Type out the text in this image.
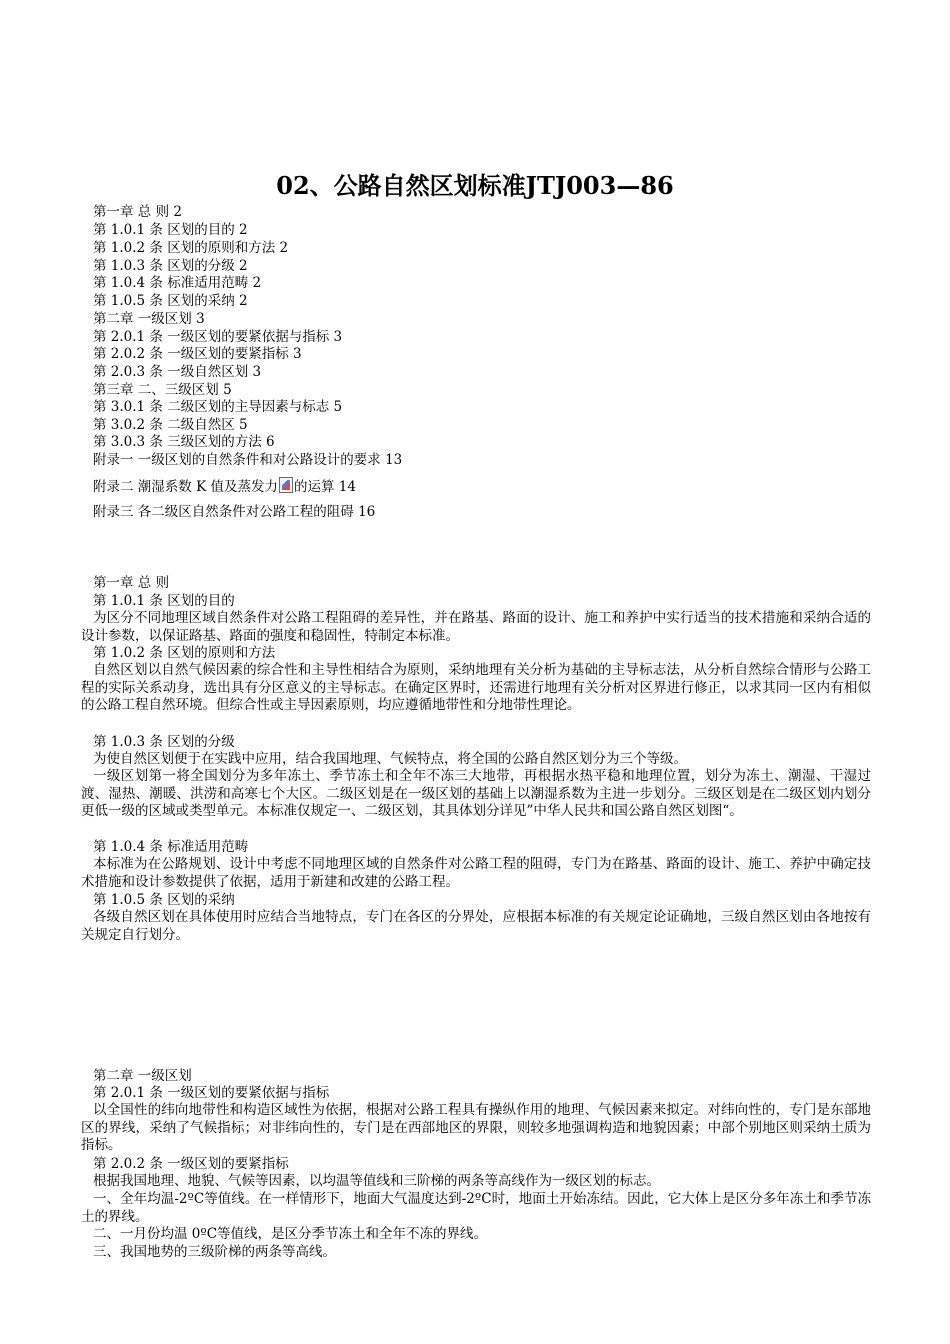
02、公路自然区划标准JTJ003—86
第一章 总 则 2
第 1.0.1 条 区划的目的 2
第 1.0.2 条 区划的原则和方法 2
第 1.0.3 条 区划的分级 2
第 1.0.4 条 标准适用范畴 2
第 1.0.5 条 区划的采纳 2
第二章 一级区划 3
第 2.0.1 条 一级区划的要紧依据与指标 3
第 2.0.2 条 一级区划的要紧指标 3
第 2.0.3 条 一级自然区划 3
第三章 二、三级区划 5
第 3.0.1 条 二级区划的主导因素与标志 5
第 3.0.2 条 二级自然区 5
第 3.0.3 条 三级区划的方法 6
附录一 一级区划的自然条件和对公路设计的要求 13
附录二 潮湿系数 K 值及蒸发力 的运算 14
附录三 各二级区自然条件对公路工程的阻碍 16
第一章 总 则
第 1.0.1 条 区划的目的
为区分不同地理区域自然条件对公路工程阻碍的差异性，并在路基、路面的设计、施工和养护中实行适当的技术措施和采纳合适的设计参数，以保证路基、路面的强度和稳固性，特制定本标准。
第 1.0.2 条 区划的原则和方法
自然区划以自然气候因素的综合性和主导性相结合为原则，采纳地理有关分析为基础的主导标志法，从分析自然综合情形与公路工程的实际关系动身，选出具有分区意义的主导标志。在确定区界时，还需进行地理有关分析对区界进行修正，以求其同一区内有相似的公路工程自然环境。但综合性或主导因素原则，均应遵循地带性和分地带性理论。
第 1.0.3 条 区划的分级
为使自然区划便于在实践中应用，结合我国地理、气候特点，将全国的公路自然区划分为三个等级。
一级区划第一将全国划分为多年冻土、季节冻土和全年不冻三大地带，再根据水热平稳和地理位置，划分为冻土、潮湿、干湿过渡、湿热、潮暖、洪涝和高寒七个大区。二级区划是在一级区划的基础上以潮湿系数为主进一步划分。三级区划是在二级区划内划分更低一级的区域或类型单元。本标准仅规定一、二级区划，其具体划分详见”中华人民共和国公路自然区划图“。
第 1.0.4 条 标准适用范畴
本标准为在公路规划、设计中考虑不同地理区域的自然条件对公路工程的阻碍，专门为在路基、路面的设计、施工、养护中确定技术措施和设计参数提供了依据，适用于新建和改建的公路工程。
第 1.0.5 条 区划的采纳
各级自然区划在具体使用时应结合当地特点，专门在各区的分界处，应根据本标准的有关规定论证确地，三级自然区划由各地按有关规定自行划分。
第二章 一级区划
第 2.0.1 条 一级区划的要紧依据与指标
以全国性的纬向地带性和构造区域性为依据，根据对公路工程具有操纵作用的地理、气候因素来拟定。对纬向性的，专门是东部地区的界线，采纳了气候指标；对非纬向性的，专门是在西部地区的界限，则较多地强调构造和地貌因素；中部个别地区则采纳土质为指标。
第 2.0.2 条 一级区划的要紧指标
根据我国地理、地貌、气候等因素，以均温等值线和三阶梯的两条等高线作为一级区划的标志。
一、全年均温-2ºC等值线。在一样情形下，地面大气温度达到-2ºC时，地面土开始冻结。因此，它大体上是区分多年冻土和季节冻土的界线。
二、一月份均温 0ºC等值线，是区分季节冻土和全年不冻的界线。
三、我国地势的三级阶梯的两条等高线。
